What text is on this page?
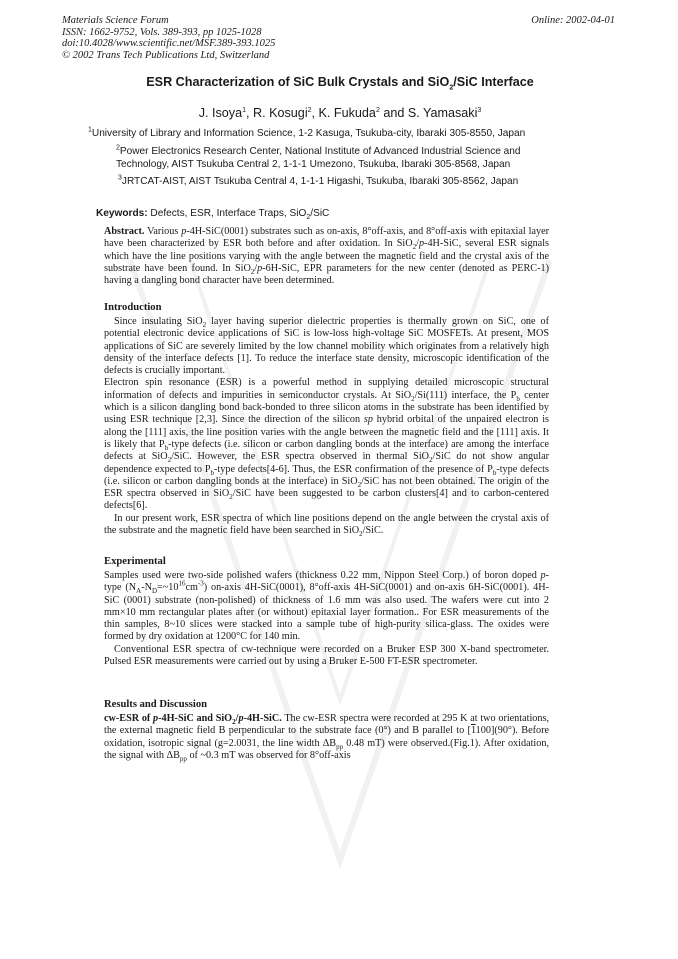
Materials Science Forum
ISSN: 1662-9752, Vols. 389-393, pp 1025-1028
doi:10.4028/www.scientific.net/MSF.389-393.1025
© 2002 Trans Tech Publications Ltd, Switzerland
Online: 2002-04-01
ESR Characterization of SiC Bulk Crystals and SiO$_2$/SiC Interface
J. Isoya$^1$, R. Kosugi$^2$, K. Fukuda$^2$ and S. Yamasaki$^3$
$^1$University of Library and Information Science, 1-2 Kasuga, Tsukuba-city, Ibaraki 305-8550, Japan
$^2$Power Electronics Research Center, National Institute of Advanced Industrial Science and Technology, AIST Tsukuba Central 2, 1-1-1 Umezono, Tsukuba, Ibaraki 305-8568, Japan
$^3$JRTCAT-AIST, AIST Tsukuba Central 4, 1-1-1 Higashi, Tsukuba, Ibaraki 305-8562, Japan
Keywords: Defects, ESR, Interface Traps, SiO$_2$/SiC

Abstract. Various p-4H-SiC(0001) substrates such as on-axis, 8°off-axis, and 8°off-axis with epitaxial layer have been characterized by ESR both before and after oxidation. In SiO$_2$/p-4H-SiC, several ESR signals which have the line positions varying with the angle between the magnetic field and the crystal axis of the substrate have been found. In SiO$_2$/p-6H-SiC, EPR parameters for the new center (denoted as PERC-1) having a dangling bond character have been determined.

Introduction

Since insulating SiO$_2$ layer having superior dielectric properties is thermally grown on SiC, one of potential electronic device applications of SiC is low-loss high-voltage SiC MOSFETs. At present, MOS applications of SiC are severely limited by the low channel mobility which originates from a relatively high density of the interface defects [1]. To reduce the interface state density, microscopic identification of the defects is crucially important.

Electron spin resonance (ESR) is a powerful method in supplying detailed microscopic structural information of defects and impurities in semiconductor crystals. At SiO$_2$/Si(111) interface, the $P_b$ center which is a silicon dangling bond back-bonded to three silicon atoms in the substrate has been identified by using ESR technique [2,3]. Since the direction of the silicon sp hybrid orbital of the unpaired electron is along the [111] axis, the line position varies with the angle between the magnetic field and the [111] axis. It is likely that $P_b$-type defects (i.e. silicon or carbon dangling bonds at the interface) are among the interface defects at SiO$_2$/SiC. However, the ESR spectra observed in thermal SiO$_2$/SiC do not show angular dependence expected to $P_b$-type defects[4-6]. Thus, the ESR confirmation of the presence of $P_b$-type defects (i.e. silicon or carbon dangling bonds at the interface) in SiO$_2$/SiC has not been obtained. The origin of the ESR spectra observed in SiO$_2$/SiC have been suggested to be carbon clusters[4] and to carbon-centered defects[6].

In our present work, ESR spectra of which line positions depend on the angle between the crystal axis of the substrate and the magnetic field have been searched in SiO$_2$/SiC.

Experimental

Samples used were two-side polished wafers (thickness 0.22 mm, Nippon Steel Corp.) of boron doped p-type $(N_A-N_D=\sim 10^{16}cm^{-3})$ on-axis 4H-SiC(0001), 8°off-axis 4H-SiC(0001) and on-axis 6H-SiC(0001). 4H-SiC (0001) substrate (non-polished) of thickness of 1.6 mm was also used. The wafers were cut into 2 mm×10 mm rectangular plates after (or without) epitaxial layer formation.. For ESR measurements of the thin samples, 8~10 slices were stacked into a sample tube of high-purity silica-glass. The oxides were formed by dry oxidation at 1200°C for 140 min.

Conventional ESR spectra of cw-technique were recorded on a Bruker ESP 300 X-band spectrometer. Pulsed ESR measurements were carried out by using a Bruker E-500 FT-ESR spectrometer.

Results and Discussion

cw-ESR of p-4H-SiC and SiO$_2$/p-4H-SiC. The cw-ESR spectra were recorded at 295 K at two orientations, the external magnetic field B perpendicular to the substrate face (0°) and B parallel to [1100](90°). Before oxidation, isotropic signal (g=2.0031, the line width $\Delta B_{pp}$ 0.48 mT) were observed.(Fig.1). After oxidation, the signal with $\Delta B_{pp}$ of ~0.3 mT was observed for 8°off-axis
